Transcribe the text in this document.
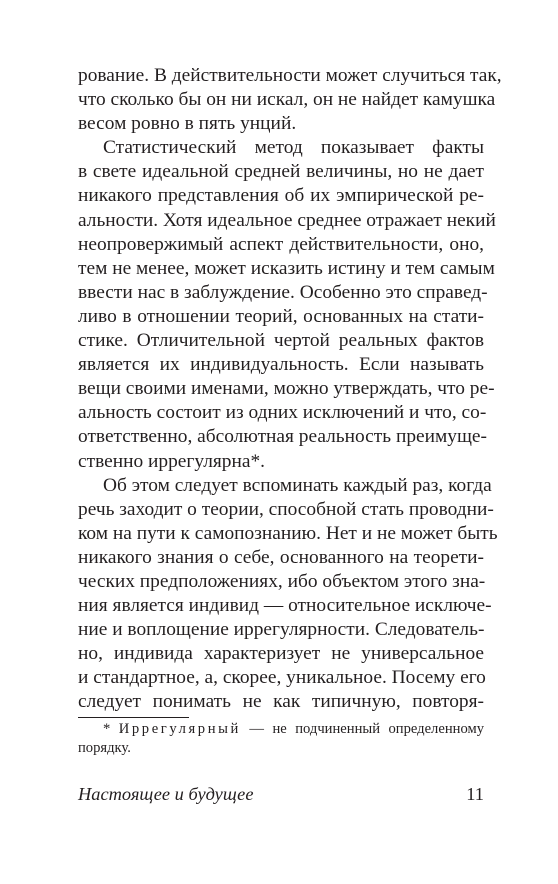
рование. В действительности может случиться так,
что сколько бы он ни искал, он не найдет камушка
весом ровно в пять унций.
Статистический метод показывает факты
в свете идеальной средней величины, но не дает
никакого представления об их эмпирической ре-
альности. Хотя идеальное среднее отражает некий
неопровержимый аспект действительности, оно,
тем не менее, может исказить истину и тем самым
ввести нас в заблуждение. Особенно это справед-
ливо в отношении теорий, основанных на стати-
стике. Отличительной чертой реальных фактов
является их индивидуальность. Если называть
вещи своими именами, можно утверждать, что ре-
альность состоит из одних исключений и что, со-
ответственно, абсолютная реальность преимуще-
ственно иррегулярна*.
Об этом следует вспоминать каждый раз, когда
речь заходит о теории, способной стать проводни-
ком на пути к самопознанию. Нет и не может быть
никакого знания о себе, основанного на теорети-
ческих предположениях, ибо объектом этого зна-
ния является индивид — относительное исключе-
ние и воплощение иррегулярности. Следователь-
но, индивида характеризует не универсальное
и стандартное, а, скорее, уникальное. Посему его
следует понимать не как типичную, повторя-
* Иррегулярный — не подчиненный определенному
порядку.
Настоящее и будущее	11
